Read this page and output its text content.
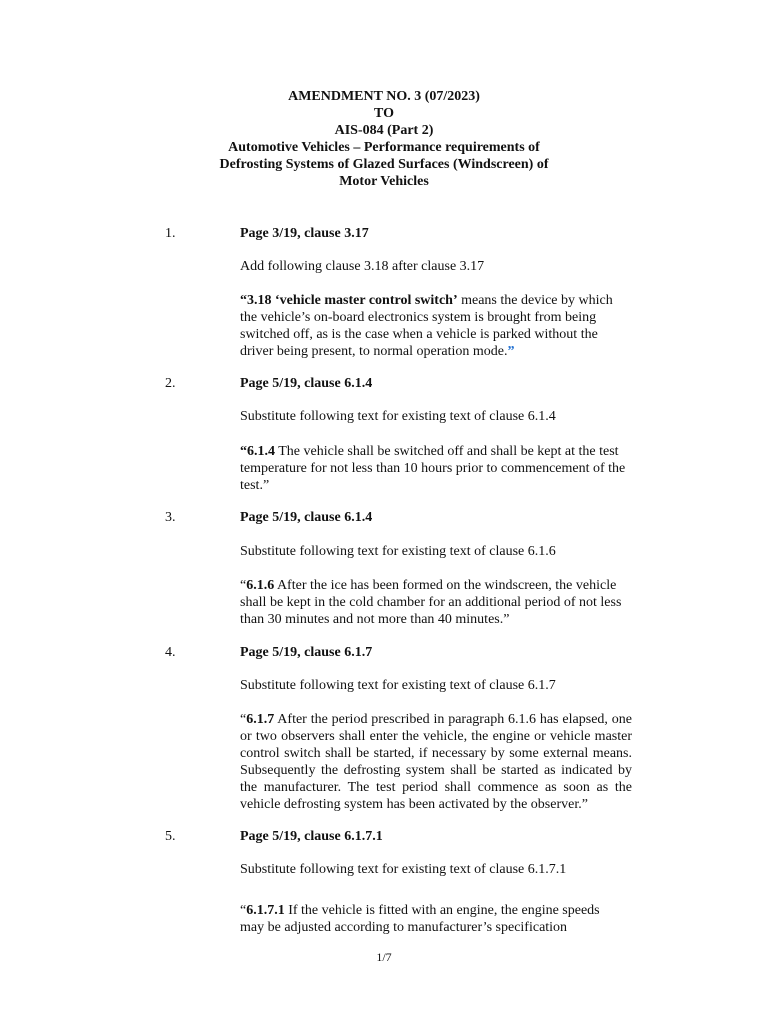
AMENDMENT NO. 3 (07/2023)
TO
AIS-084 (Part 2)
Automotive Vehicles – Performance requirements of
Defrosting Systems of Glazed Surfaces (Windscreen) of
Motor Vehicles
1.	Page 3/19, clause 3.17
Add following clause 3.18 after clause 3.17
“3.18 ‘vehicle master control switch’ means the device by which the vehicle’s on-board electronics system is brought from being switched off, as is the case when a vehicle is parked without the driver being present, to normal operation mode.”
2.	Page 5/19, clause 6.1.4
Substitute following text for existing text of clause 6.1.4
“6.1.4 The vehicle shall be switched off and shall be kept at the test temperature for not less than 10 hours prior to commencement of the test.”
3.	Page 5/19, clause 6.1.4
Substitute following text for existing text of clause 6.1.6
“6.1.6 After the ice has been formed on the windscreen, the vehicle shall be kept in the cold chamber for an additional period of not less than 30 minutes and not more than 40 minutes.”
4.	Page 5/19, clause 6.1.7
Substitute following text for existing text of clause 6.1.7
“6.1.7 After the period prescribed in paragraph 6.1.6 has elapsed, one or two observers shall enter the vehicle, the engine or vehicle master control switch shall be started, if necessary by some external means. Subsequently the defrosting system shall be started as indicated by the manufacturer. The test period shall commence as soon as the vehicle defrosting system has been activated by the observer.”
5.	Page 5/19, clause 6.1.7.1
Substitute following text for existing text of clause 6.1.7.1
“6.1.7.1 If the vehicle is fitted with an engine, the engine speeds may be adjusted according to manufacturer’s specification
1/7
